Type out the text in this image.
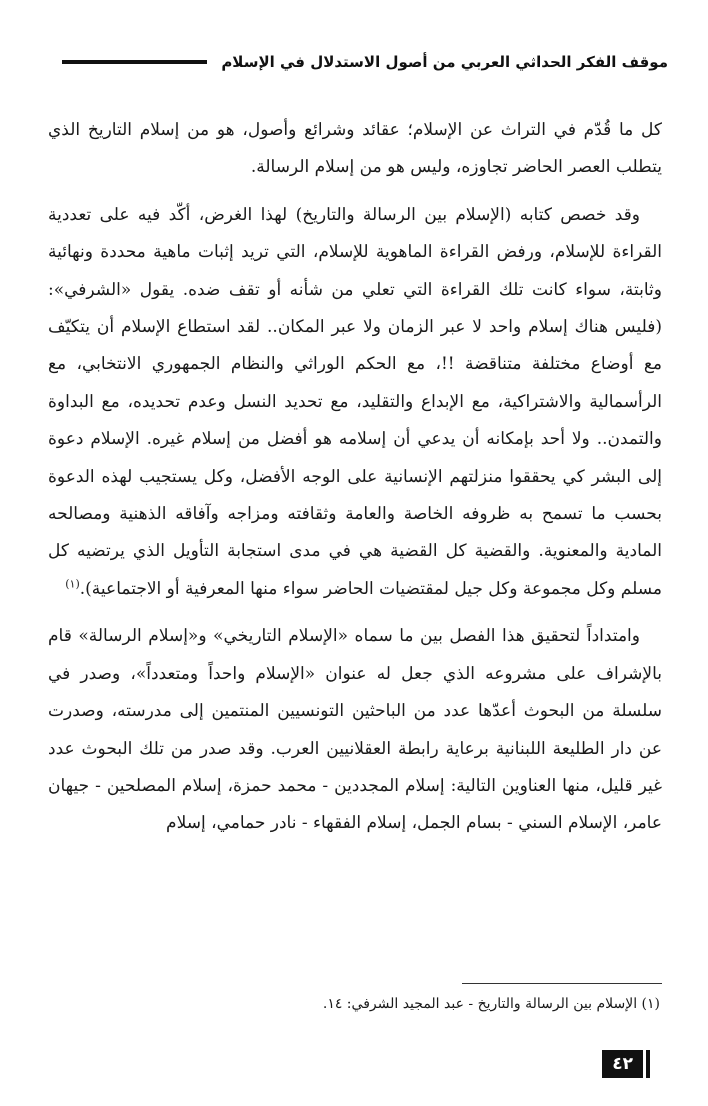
موقف الفكر الحداثي العربي من أصول الاستدلال في الإسلام

كل ما قُدّم في التراث عن الإسلام؛ عقائد وشرائع وأصول، هو من إسلام التاريخ الذي يتطلب العصر الحاضر تجاوزه، وليس هو من إسلام الرسالة.

وقد خصص كتابه (الإسلام بين الرسالة والتاريخ) لهذا الغرض، أكّد فيه على تعددية القراءة للإسلام، ورفض القراءة الماهوية للإسلام، التي تريد إثبات ماهية محددة ونهائية وثابتة، سواء كانت تلك القراءة التي تعلي من شأنه أو تقف ضده. يقول «الشرفي»: (فليس هناك إسلام واحد لا عبر الزمان ولا عبر المكان.. لقد استطاع الإسلام أن يتكيّف مع أوضاع مختلفة متناقضة !!، مع الحكم الوراثي والنظام الجمهوري الانتخابي، مع الرأسمالية والاشتراكية، مع الإبداع والتقليد، مع تحديد النسل وعدم تحديده، مع البداوة والتمدن.. ولا أحد بإمكانه أن يدعي أن إسلامه هو أفضل من إسلام غيره. الإسلام دعوة إلى البشر كي يحققوا منزلتهم الإنسانية على الوجه الأفضل، وكل يستجيب لهذه الدعوة بحسب ما تسمح به ظروفه الخاصة والعامة وثقافته ومزاجه وآفاقه الذهنية ومصالحه المادية والمعنوية. والقضية كل القضية هي في مدى استجابة التأويل الذي يرتضيه كل مسلم وكل مجموعة وكل جيل لمقتضيات الحاضر سواء منها المعرفية أو الاجتماعية).$^{(١)}$

وامتداداً لتحقيق هذا الفصل بين ما سماه «الإسلام التاريخي» و«إسلام الرسالة» قام بالإشراف على مشروعه الذي جعل له عنوان «الإسلام واحداً ومتعدداً»، وصدر في سلسلة من البحوث أعدّها عدد من الباحثين التونسيين المنتمين إلى مدرسته، وصدرت عن دار الطليعة اللبنانية برعاية رابطة العقلانيين العرب. وقد صدر من تلك البحوث عدد غير قليل، منها العناوين التالية: إسلام المجددين - محمد حمزة، إسلام المصلحين - جيهان عامر، الإسلام السني - بسام الجمل، إسلام الفقهاء - نادر حمامي، إسلام

(١) الإسلام بين الرسالة والتاريخ - عبد المجيد الشرفي: ١٤.

٤٢
